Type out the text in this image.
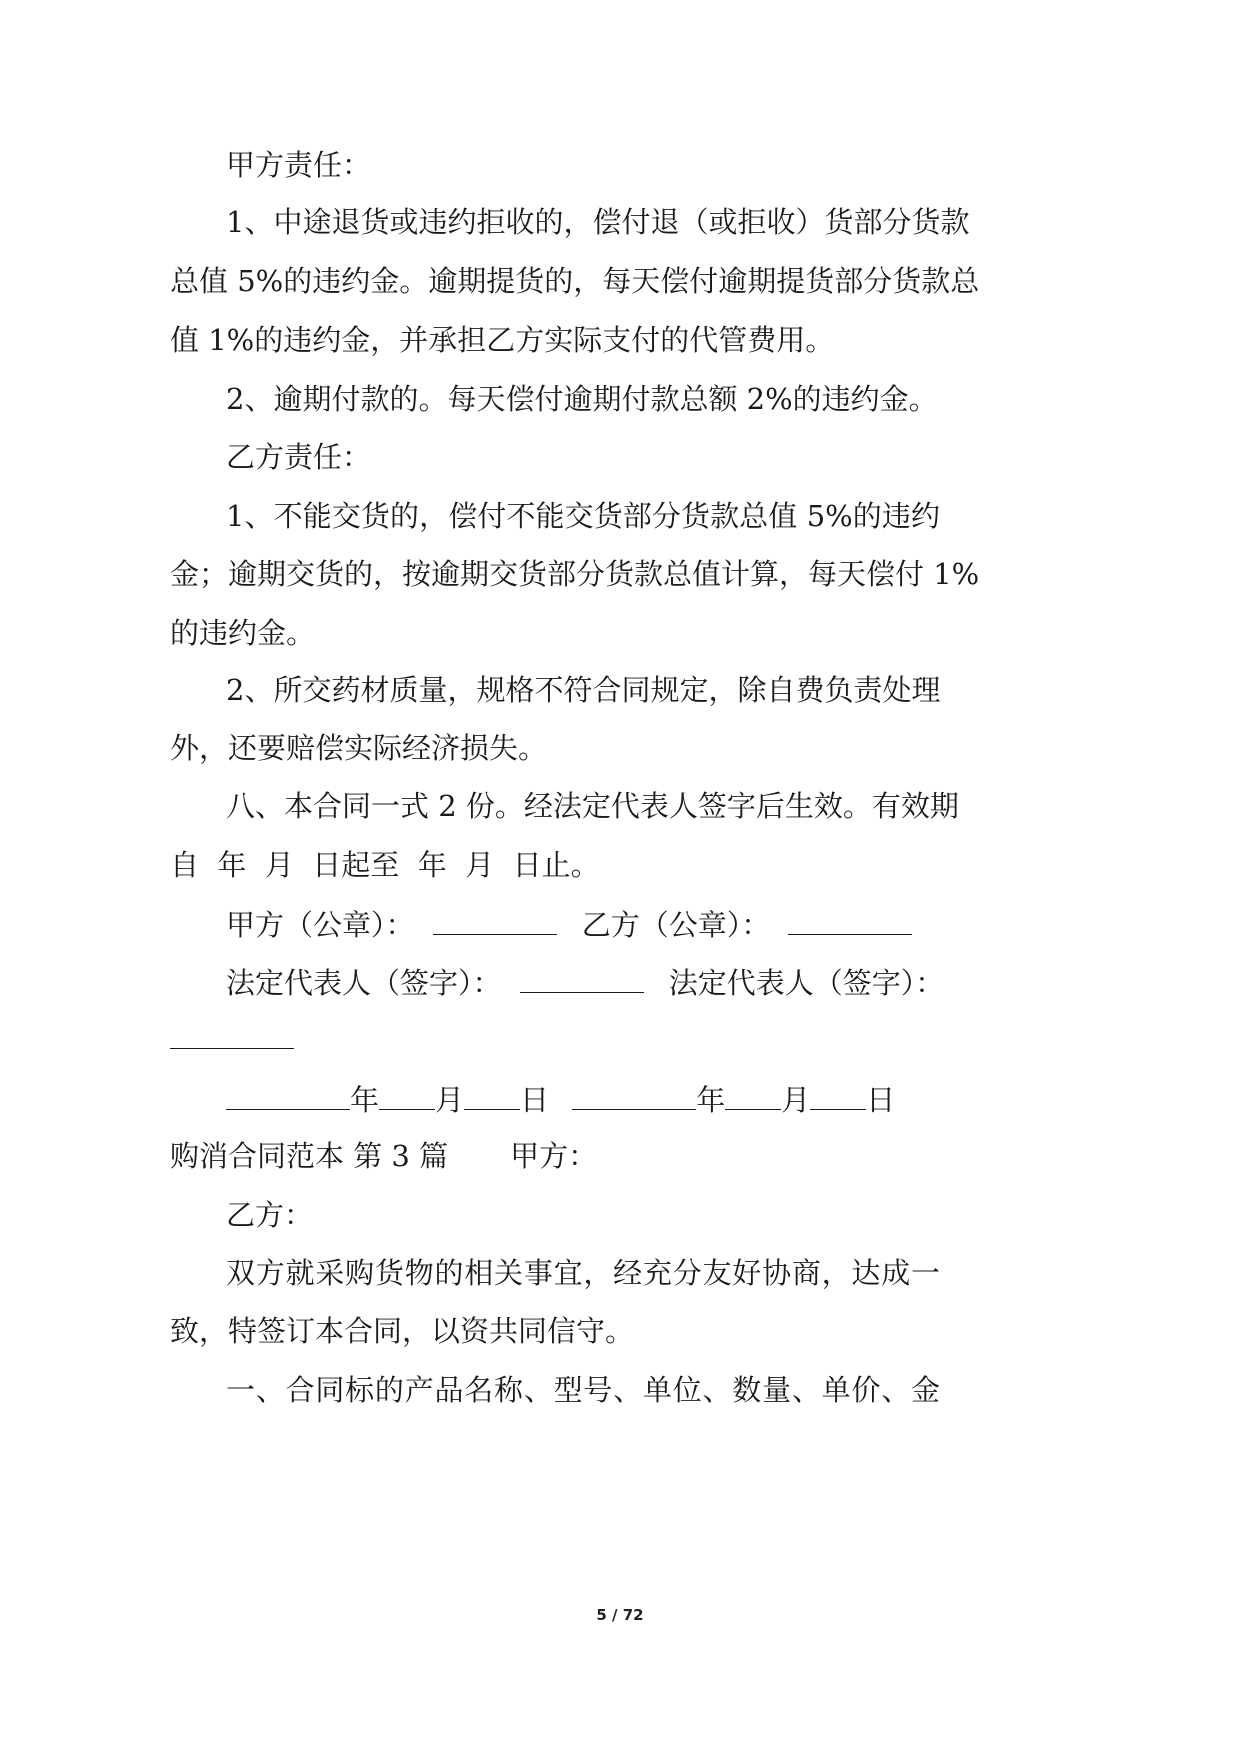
甲方责任：

1、中途退货或违约拒收的，偿付退（或拒收）货部分货款

总值 5%的违约金。逾期提货的，每天偿付逾期提货部分货款总

值 1%的违约金，并承担乙方实际支付的代管费用。

2、逾期付款的。每天偿付逾期付款总额 2%的违约金。

乙方责任：

1、不能交货的，偿付不能交货部分货款总值 5%的违约

金；逾期交货的，按逾期交货部分货款总值计算，每天偿付 1%

的违约金。

2、所交药材质量，规格不符合同规定，除自费负责处理

外，还要赔偿实际经济损失。

八、本合同一式 2 份。经法定代表人签字后生效。有效期

自  年  月  日起至  年  月  日止。

甲方（公章）：	乙方（公章）：
法定代表人（签字）：	法定代表人（签字）：
年 月 日	年 月 日
购消合同范本 第 3 篇 甲方：

乙方：

双方就采购货物的相关事宜，经充分友好协商，达成一

致，特签订本合同，以资共同信守。

一、合同标的产品名称、型号、单位、数量、单价、金

5 / 72
